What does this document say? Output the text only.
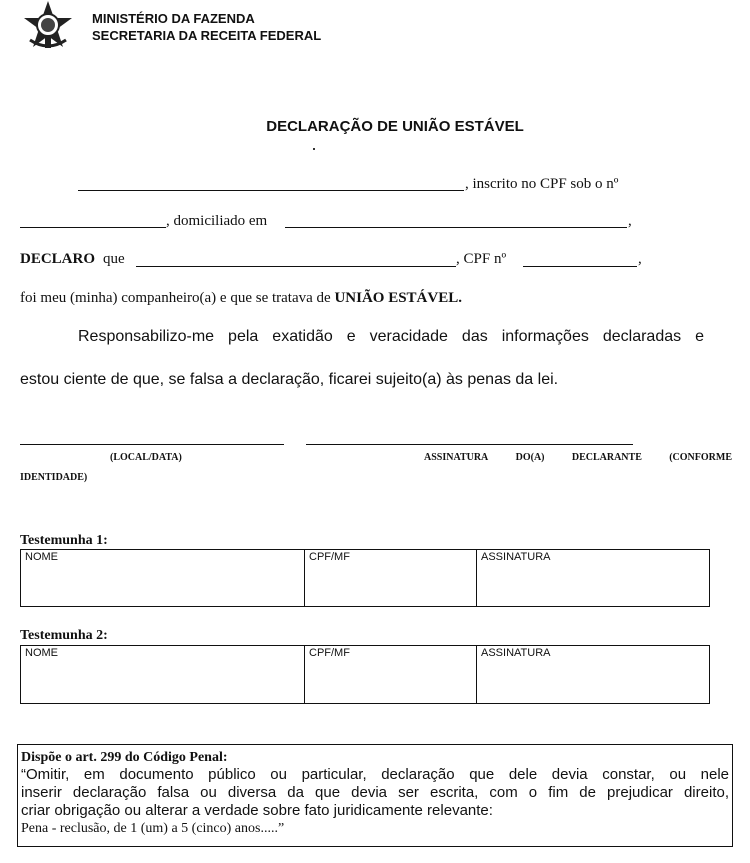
MINISTÉRIO DA FAZENDA
SECRETARIA DA RECEITA FEDERAL
DECLARAÇÃO DE UNIÃO ESTÁVEL
, inscrito no CPF sob o nº
, domiciliado em	,
DECLARO que	, CPF nº	,
foi meu (minha) companheiro(a) e que se tratava de UNIÃO ESTÁVEL.
Responsabilizo-me pela exatidão e veracidade das informações declaradas e
estou ciente de que, se falsa a declaração, ficarei sujeito(a) às penas da lei.
(LOCAL/DATA)	ASSINATURA	DO(A)	DECLARANTE	(CONFORME
IDENTIDADE)
Testemunha 1:
NOME	CPF/MF	ASSINATURA
Testemunha 2:
NOME	CPF/MF	ASSINATURA
Dispõe o art. 299 do Código Penal:
“Omitir, em documento público ou particular, declaração que dele devia constar, ou nele
inserir declaração falsa ou diversa da que devia ser escrita, com o fim de prejudicar direito,
criar obrigação ou alterar a verdade sobre fato juridicamente relevante:
Pena - reclusão, de 1 (um) a 5 (cinco) anos.....”
